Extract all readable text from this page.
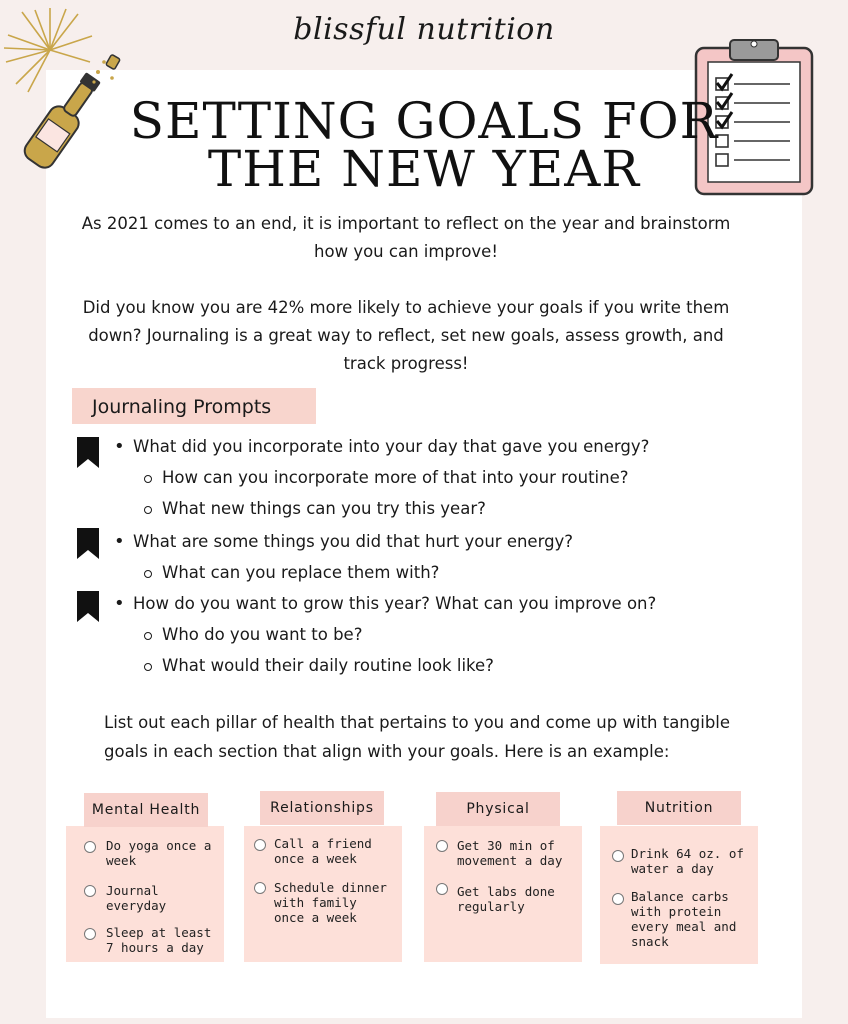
blissful nutrition
SETTING GOALS FOR
THE NEW YEAR
As 2021 comes to an end, it is important to reflect on the year and brainstorm how you can improve!
Did you know you are 42% more likely to achieve your goals if you write them down? Journaling is a great way to reflect, set new goals, assess growth, and track progress!
Journaling Prompts
• What did you incorporate into your day that gave you energy?
How can you incorporate more of that into your routine?
What new things can you try this year?
• What are some things you did that hurt your energy?
What can you replace them with?
• How do you want to grow this year? What can you improve on?
Who do you want to be?
What would their daily routine look like?
List out each pillar of health that pertains to you and come up with tangible goals in each section that align with your goals. Here is an example:
Mental Health
Do yoga once a week
Journal everyday
Sleep at least 7 hours a day
Relationships
Call a friend once a week
Schedule dinner with family once a week
Physical
Get 30 min of movement a day
Get labs done regularly
Nutrition
Drink 64 oz. of water a day
Balance carbs with protein every meal and snack
